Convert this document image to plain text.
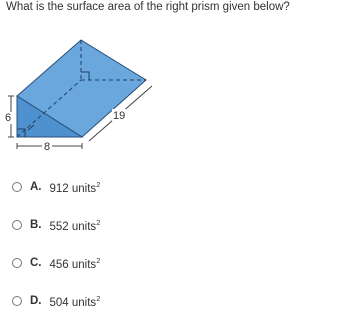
What is the surface area of the right prism given below?
6
8
19
A. 912 units$^2$
B. 552 units$^2$
C. 456 units$^2$
D. 504 units$^2$
